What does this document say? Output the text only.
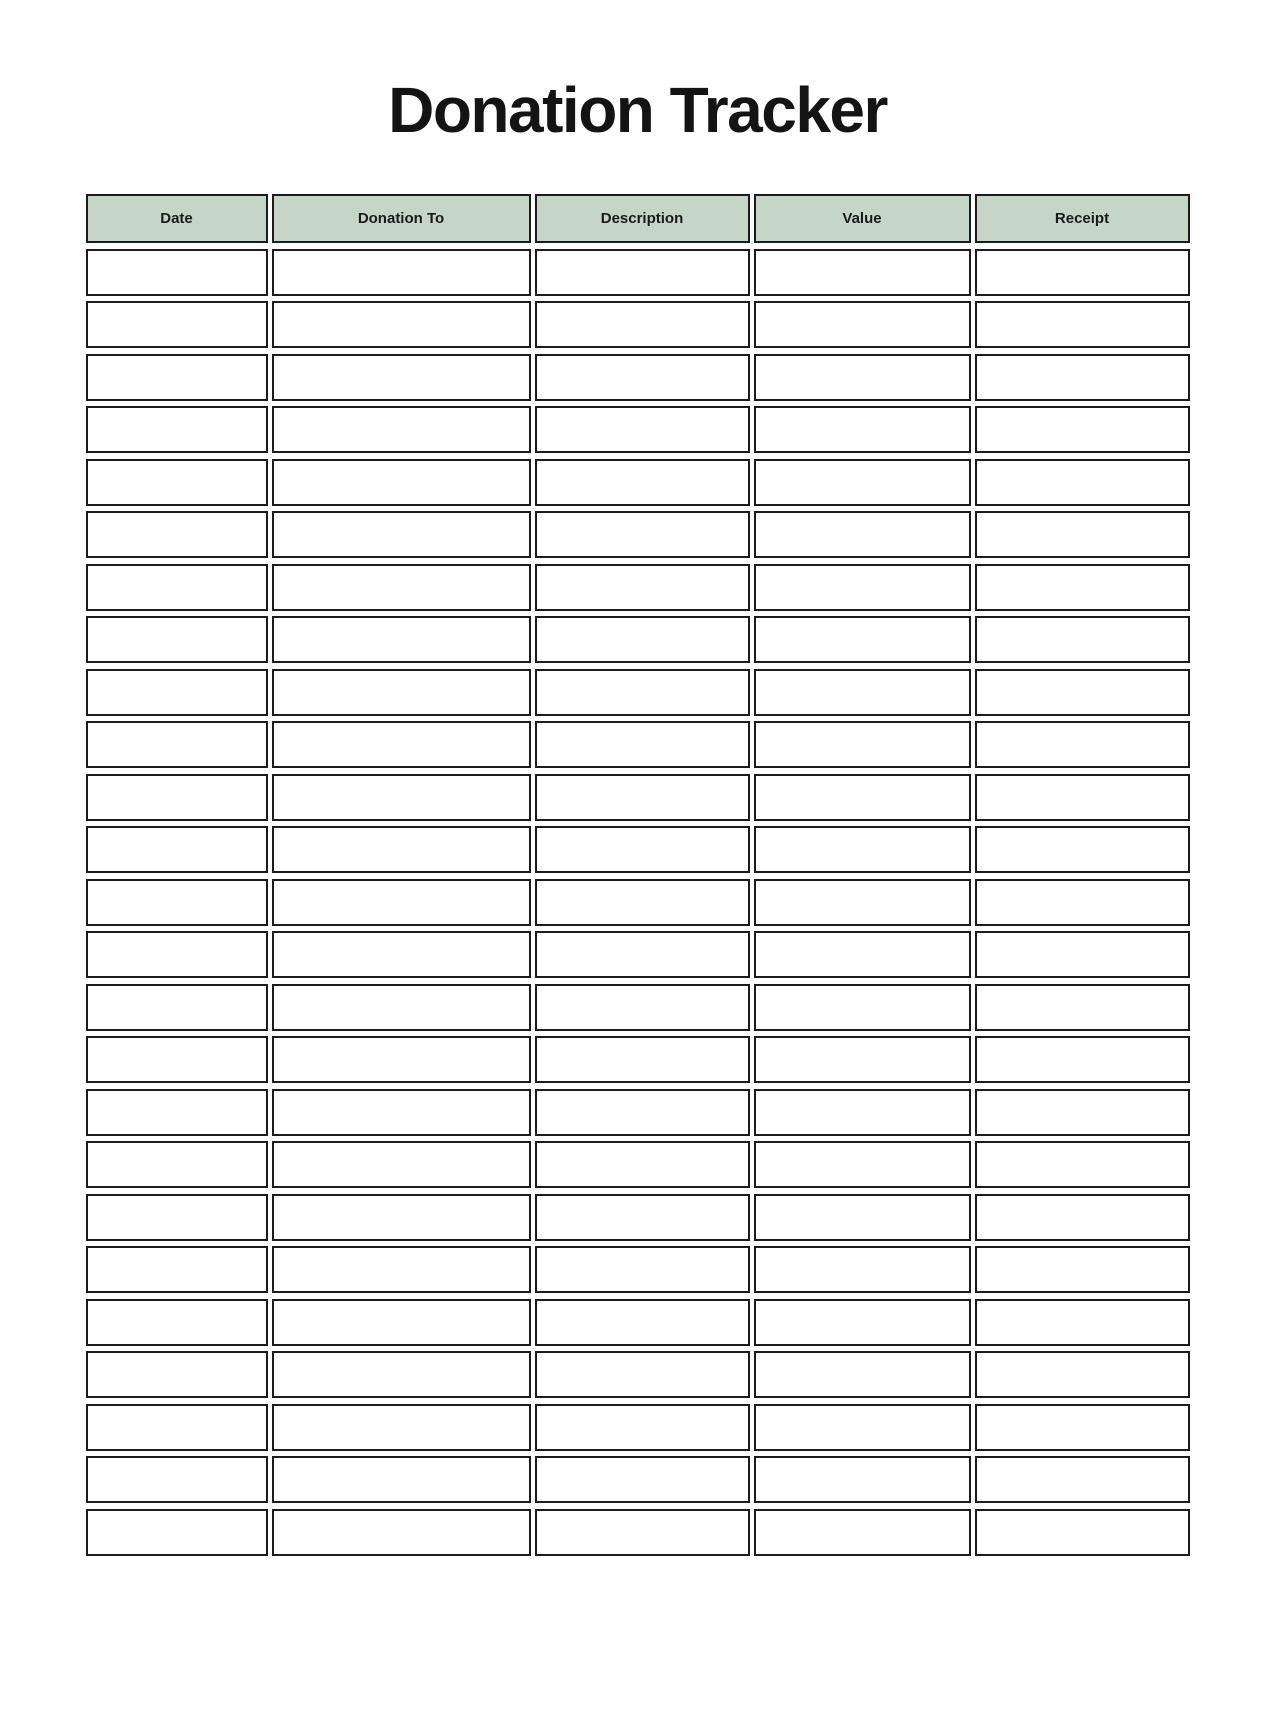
Donation Tracker
Date	Donation To	Description	Value	Receipt
